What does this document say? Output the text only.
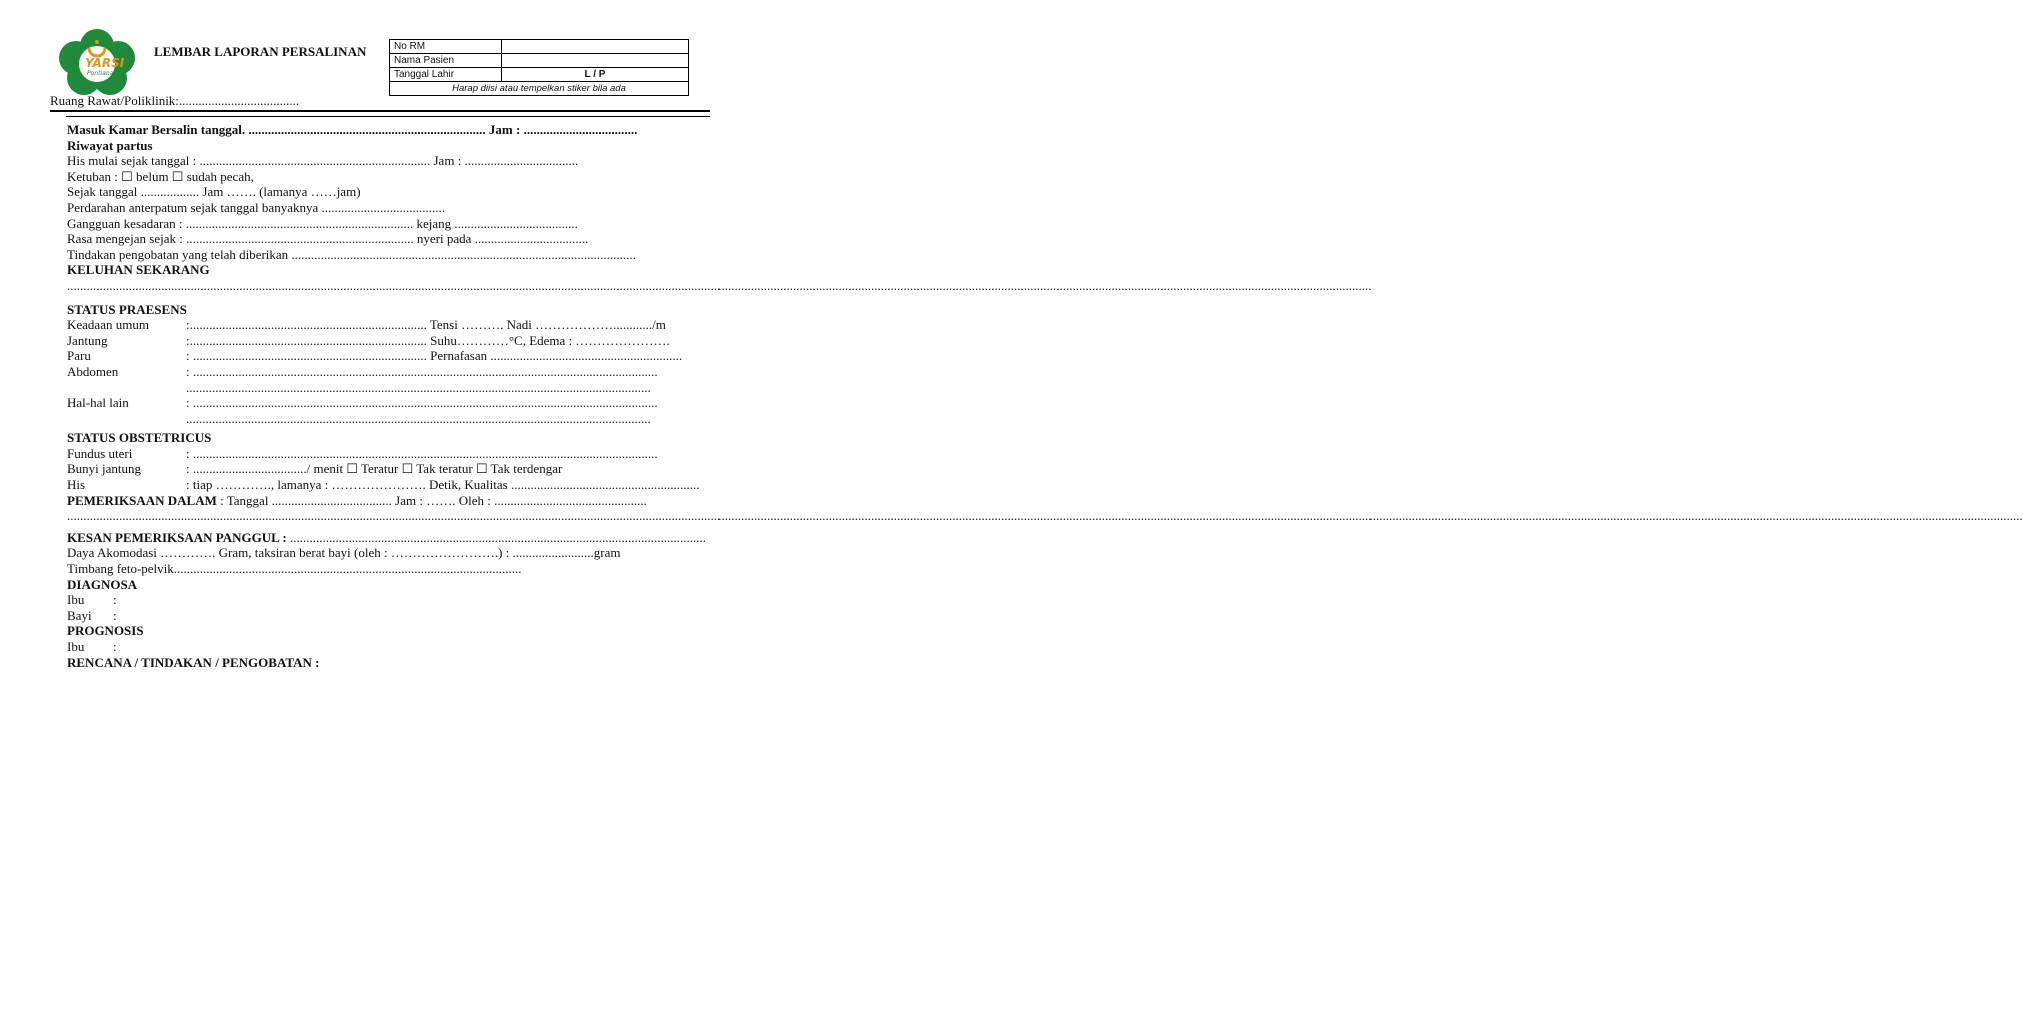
YARSI
Pontianak
LEMBAR LAPORAN PERSALINAN
Ruang Rawat/Poliklinik:.....................................
No RM	
Nama Pasien	
Tanggal Lahir	L / P
Harap diisi atau tempelkan stiker bila ada	
Masuk Kamar Bersalin tanggal. ......................................................................... Jam : ...................................
Riwayat partus
His mulai sejak tanggal : ....................................................................... Jam : ...................................
Ketuban : ☐ belum ☐ sudah pecah,
Sejak tanggal .................. Jam ……. (lamanya ……jam)
Perdarahan anterpatum sejak tanggal banyaknya ......................................
Gangguan kesadaran : ...................................................................... kejang ......................................
Rasa mengejan sejak : ...................................................................... nyeri pada ...................................
Tindakan pengobatan yang telah diberikan ..........................................................................................................
KELUHAN SEKARANG
......................................................................................................................................................................................................... .........................................................................................................................................................................................................
STATUS PRAESENS
Keadaan umum	:......................................................................... Tensi ………. Nadi ………………............/m
Jantung	:......................................................................... Suhu…………°C, Edema : ………………….
Paru	: ........................................................................ Pernafasan ...........................................................
Abdomen	: ...............................................................................................................................................
...............................................................................................................................................
Hal-hal lain	: ...............................................................................................................................................
...............................................................................................................................................
STATUS OBSTETRICUS
Fundus uteri	: ...............................................................................................................................................
Bunyi jantung	: .................................../ menit ☐ Teratur ☐ Tak teratur ☐ Tak terdengar
His	: tiap …………., lamanya : …………………. Detik, Kualitas ..........................................................
PEMERIKSAAN DALAM : Tanggal ..................................... Jam : ……. Oleh : ...............................................
......................................................................................................................................................................................................... ......................................................................................................................................................................................................... .........................................................................................................................................................................................................
KESAN PEMERIKSAAN PANGGUL : ................................................................................................................................
Daya Akomodasi …………. Gram, taksiran berat bayi (oleh : …………………….) : .........................gram
Timbang feto-pelvik...........................................................................................................
DIAGNOSA
Ibu :
Bayi :
PROGNOSIS
Ibu :
RENCANA / TINDAKAN / PENGOBATAN :
